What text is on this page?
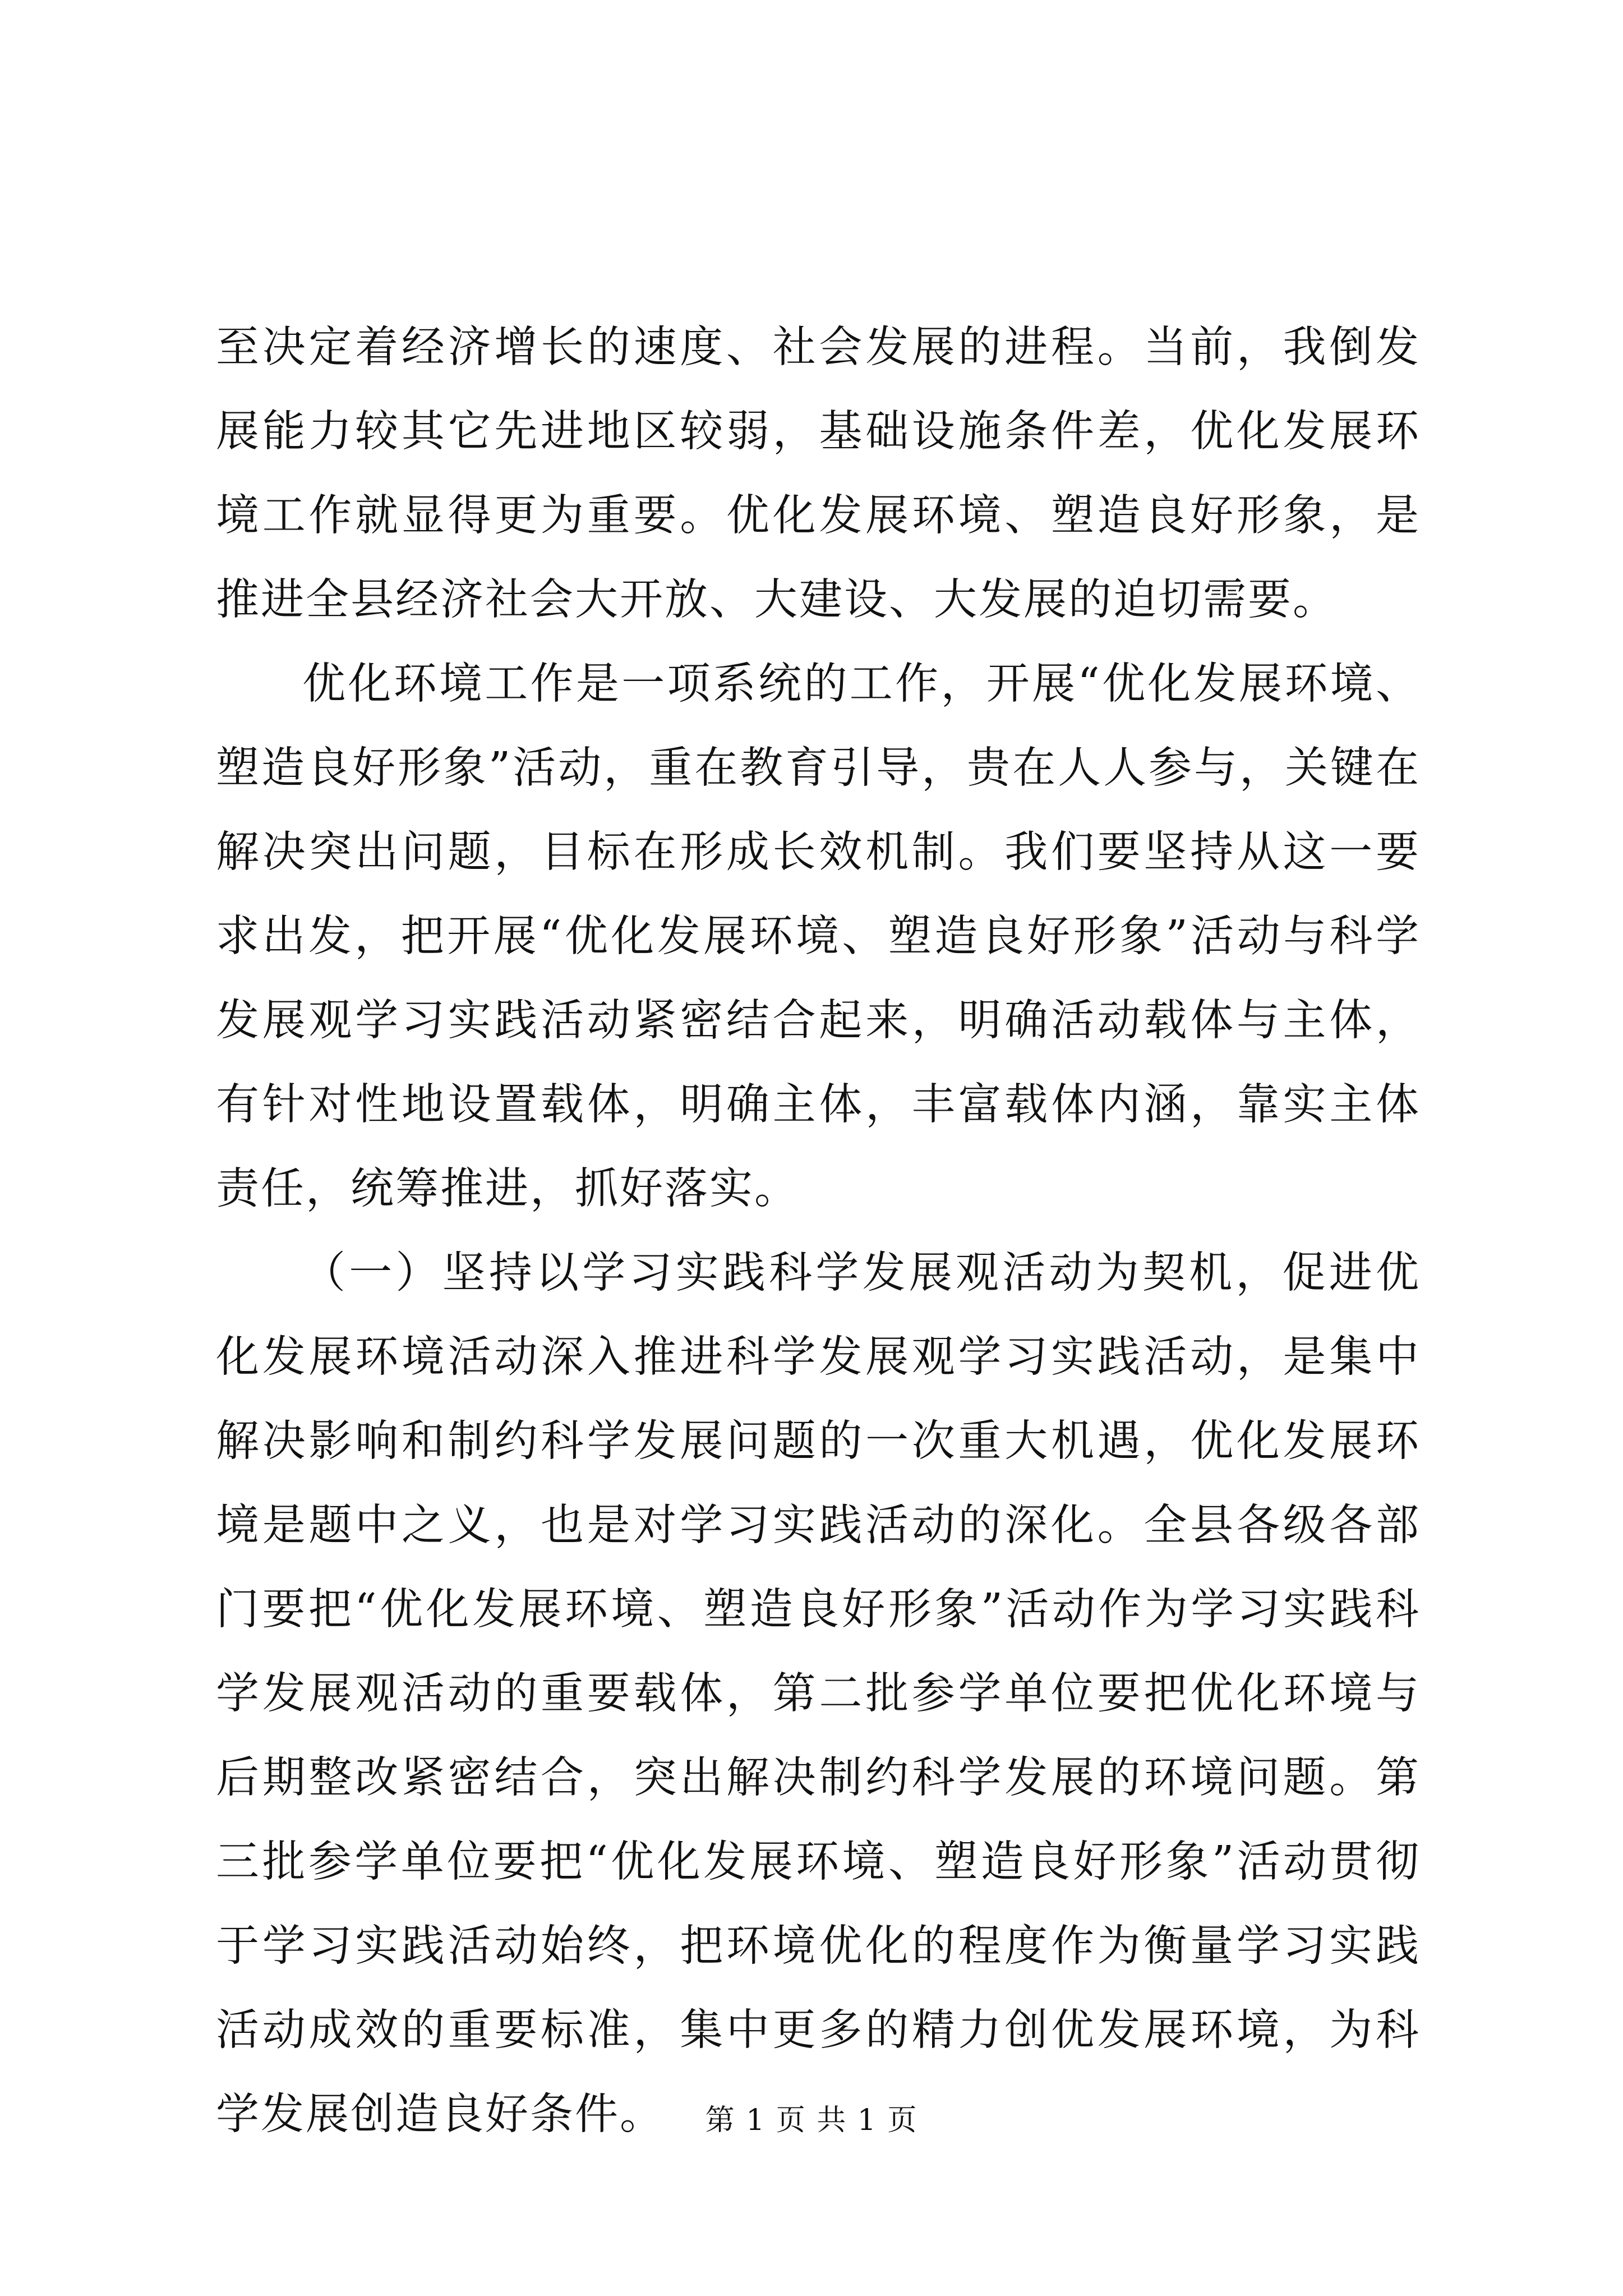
至决定着经济增长的速度、社会发展的进程。当前，我倒发展能力较其它先进地区较弱，基础设施条件差，优化发展环境工作就显得更为重要。优化发展环境、塑造良好形象，是推进全县经济社会大开放、大建设、大发展的迫切需要。

优化环境工作是一项系统的工作，开展“优化发展环境、塑造良好形象”活动，重在教育引导，贵在人人参与，关键在解决突出问题，目标在形成长效机制。我们要坚持从这一要求出发，把开展“优化发展环境、塑造良好形象”活动与科学发展观学习实践活动紧密结合起来，明确活动载体与主体，有针对性地设置载体，明确主体，丰富载体内涵，靠实主体责任，统筹推进，抓好落实。

（一）坚持以学习实践科学发展观活动为契机，促进优化发展环境活动深入推进科学发展观学习实践活动，是集中解决影响和制约科学发展问题的一次重大机遇，优化发展环境是题中之义，也是对学习实践活动的深化。全县各级各部门要把“优化发展环境、塑造良好形象”活动作为学习实践科学发展观活动的重要载体，第二批参学单位要把优化环境与后期整改紧密结合，突出解决制约科学发展的环境问题。第三批参学单位要把“优化发展环境、塑造良好形象”活动贯彻于学习实践活动始终，把环境优化的程度作为衡量学习实践活动成效的重要标准，集中更多的精力创优发展环境，为科学发展创造良好条件。	第 1 页 共 1 页
